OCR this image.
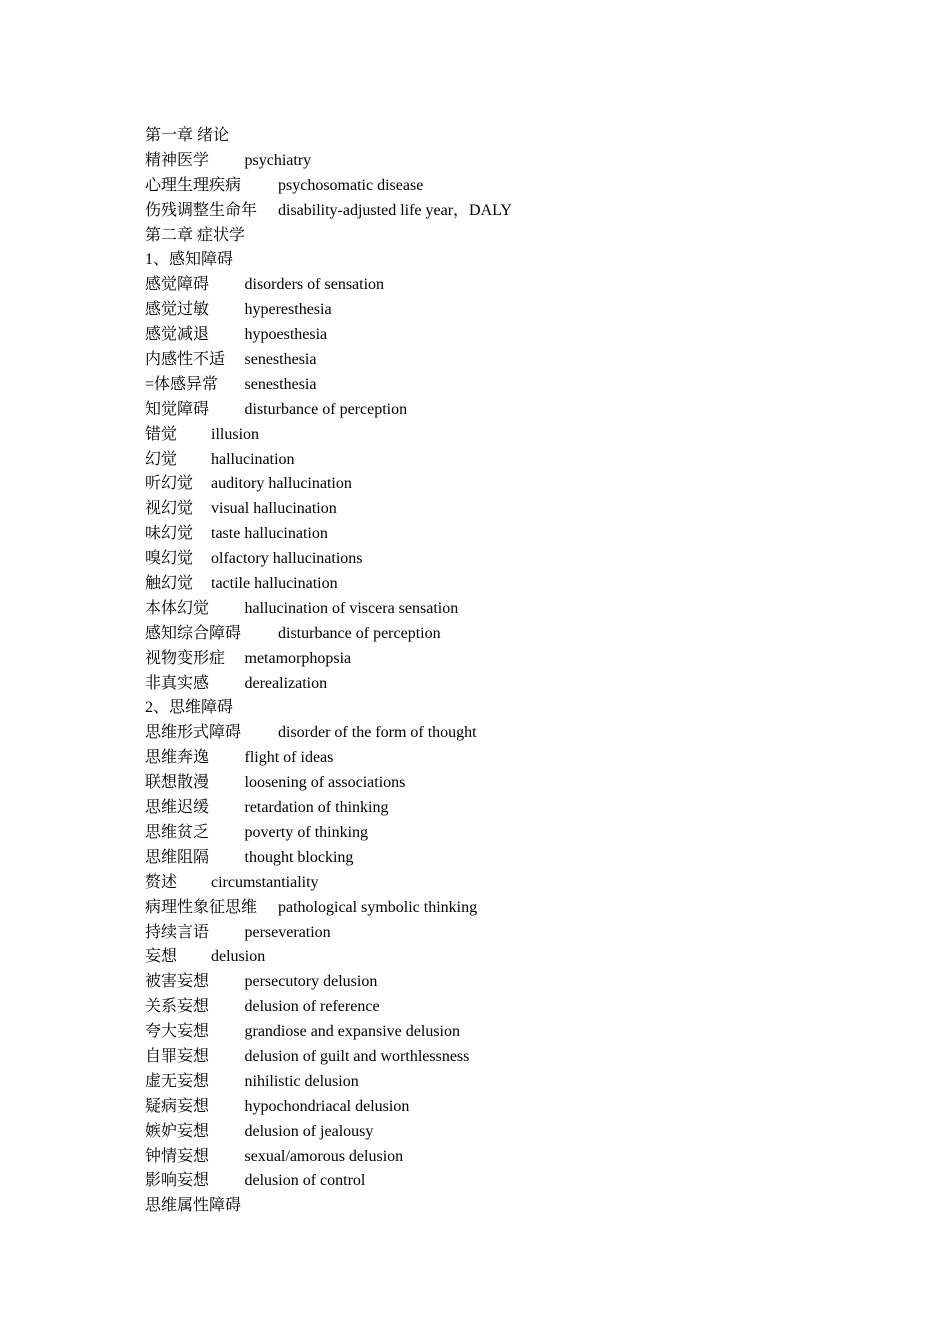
第一章 绪论
精神医学 psychiatry
心理生理疾病 psychosomatic disease
伤残调整生命年 disability-adjusted life year，DALY
第二章 症状学
1、感知障碍
感觉障碍 disorders of sensation
感觉过敏 hyperesthesia
感觉减退 hypoesthesia
内感性不适 senesthesia
=体感异常 senesthesia
知觉障碍 disturbance of perception
错觉 illusion
幻觉 hallucination
听幻觉 auditory hallucination
视幻觉 visual hallucination
味幻觉 taste hallucination
嗅幻觉 olfactory hallucinations
触幻觉 tactile hallucination
本体幻觉 hallucination of viscera sensation
感知综合障碍 disturbance of perception
视物变形症 metamorphopsia
非真实感 derealization
2、思维障碍
思维形式障碍 disorder of the form of thought
思维奔逸 flight of ideas
联想散漫 loosening of associations
思维迟缓 retardation of thinking
思维贫乏 poverty of thinking
思维阻隔 thought blocking
赘述 circumstantiality
病理性象征思维 pathological symbolic thinking
持续言语 perseveration
妄想 delusion
被害妄想 persecutory delusion
关系妄想 delusion of reference
夸大妄想 grandiose and expansive delusion
自罪妄想 delusion of guilt and worthlessness
虚无妄想 nihilistic delusion
疑病妄想 hypochondriacal delusion
嫉妒妄想 delusion of jealousy
钟情妄想 sexual/amorous delusion
影响妄想 delusion of control
思维属性障碍
